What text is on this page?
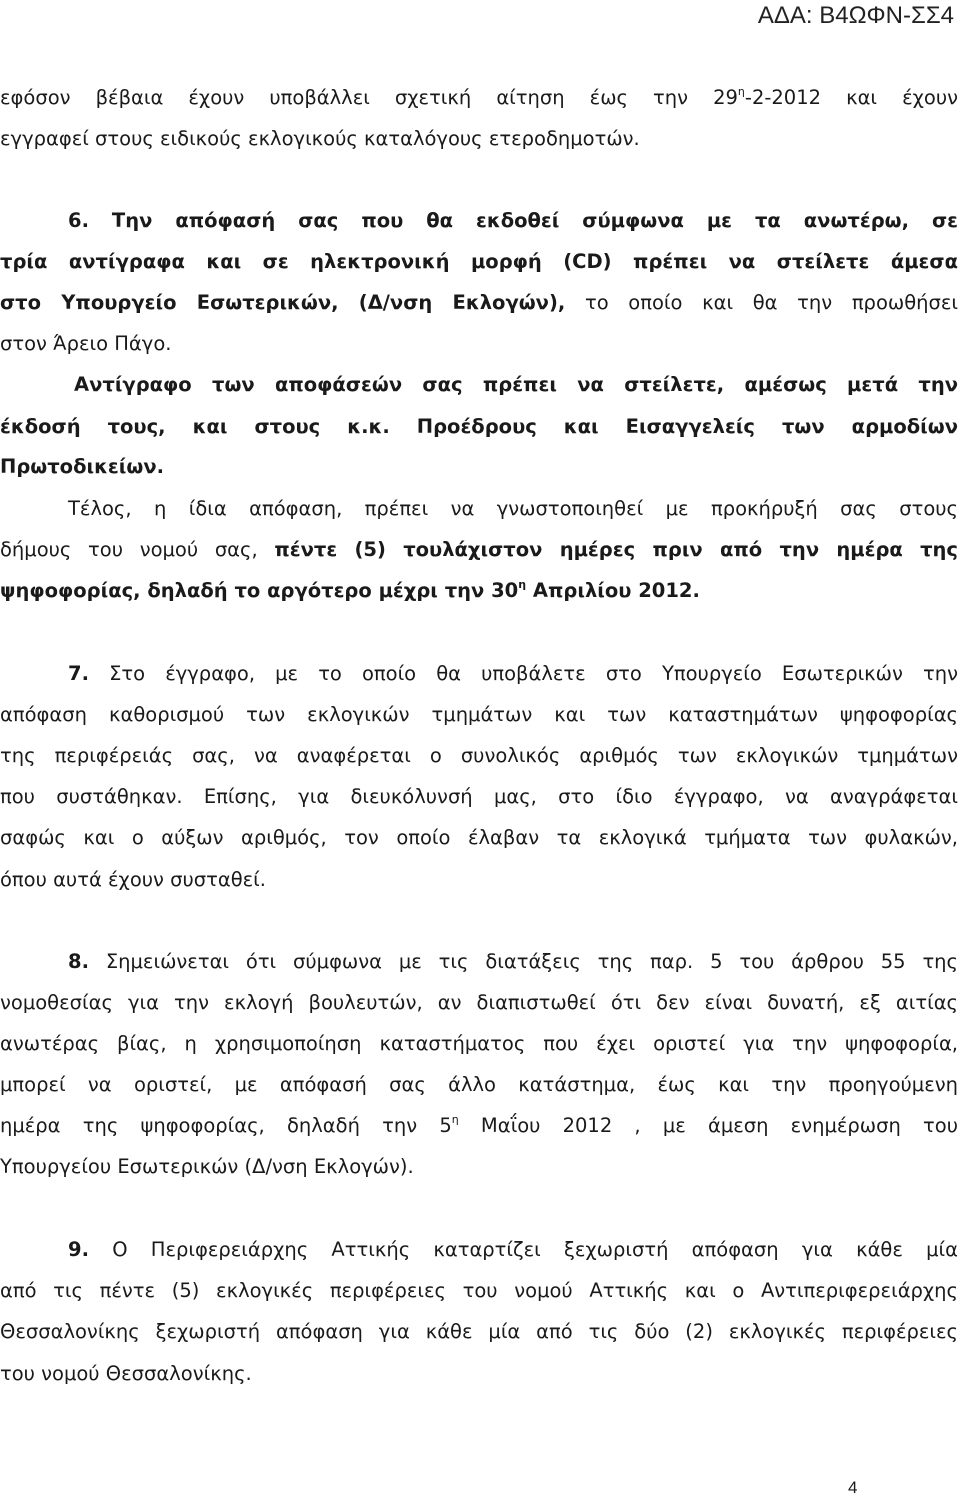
ΑΔΑ: Β4ΩΦΝ-ΣΣ4

εφόσον βέβαια έχουν υποβάλλει σχετική αίτηση έως την $29^\eta-2-2012$ και έχουν

εγγραφεί στους ειδικούς εκλογικούς καταλόγους ετεροδημοτών.

6. Την απόφασή σας που θα εκδοθεί σύμφωνα με τα ανωτέρω, σε

τρία αντίγραφα και σε ηλεκτρονική μορφή (CD) πρέπει να στείλετε άμεσα

στο Υπουργείο Εσωτερικών, (Δ/νση Εκλογών), το οποίο και θα την προωθήσει

στον Άρειο Πάγο.

Αντίγραφο των αποφάσεών σας πρέπει να στείλετε, αμέσως μετά την

έκδοσή τους, και στους κ.κ. Προέδρους και Εισαγγελείς των αρμοδίων

Πρωτοδικείων.

Τέλος, η ίδια απόφαση, πρέπει να γνωστοποιηθεί με προκήρυξή σας στους

δήμους του νομού σας, πέντε (5) τουλάχιστον ημέρες πριν από την ημέρα της

ψηφοφορίας, δηλαδή το αργότερο μέχρι την $30^\eta$ Απριλίου 2012.

7. Στο έγγραφο, με το οποίο θα υποβάλετε στο Υπουργείο Εσωτερικών την

απόφαση καθορισμού των εκλογικών τμημάτων και των καταστημάτων ψηφοφορίας

της περιφέρειάς σας, να αναφέρεται ο συνολικός αριθμός των εκλογικών τμημάτων

που συστάθηκαν. Επίσης, για διευκόλυνσή μας, στο ίδιο έγγραφο, να αναγράφεται

σαφώς και ο αύξων αριθμός, τον οποίο έλαβαν τα εκλογικά τμήματα των φυλακών,

όπου αυτά έχουν συσταθεί.

8. Σημειώνεται ότι σύμφωνα με τις διατάξεις της παρ. 5 του άρθρου 55 της

νομοθεσίας για την εκλογή βουλευτών, αν διαπιστωθεί ότι δεν είναι δυνατή, εξ αιτίας

ανωτέρας βίας, η χρησιμοποίηση καταστήματος που έχει οριστεί για την ψηφοφορία,

μπορεί να οριστεί, με απόφασή σας άλλο κατάστημα, έως και την προηγούμενη

ημέρα της ψηφοφορίας, δηλαδή την $5^\eta$ Μαΐου 2012 , με άμεση ενημέρωση του

Υπουργείου Εσωτερικών (Δ/νση Εκλογών).

9. Ο Περιφερειάρχης Αττικής καταρτίζει ξεχωριστή απόφαση για κάθε μία

από τις πέντε (5) εκλογικές περιφέρειες του νομού Αττικής και ο Αντιπεριφερειάρχης

Θεσσαλονίκης ξεχωριστή απόφαση για κάθε μία από τις δύο (2) εκλογικές περιφέρειες

του νομού Θεσσαλονίκης.

4
